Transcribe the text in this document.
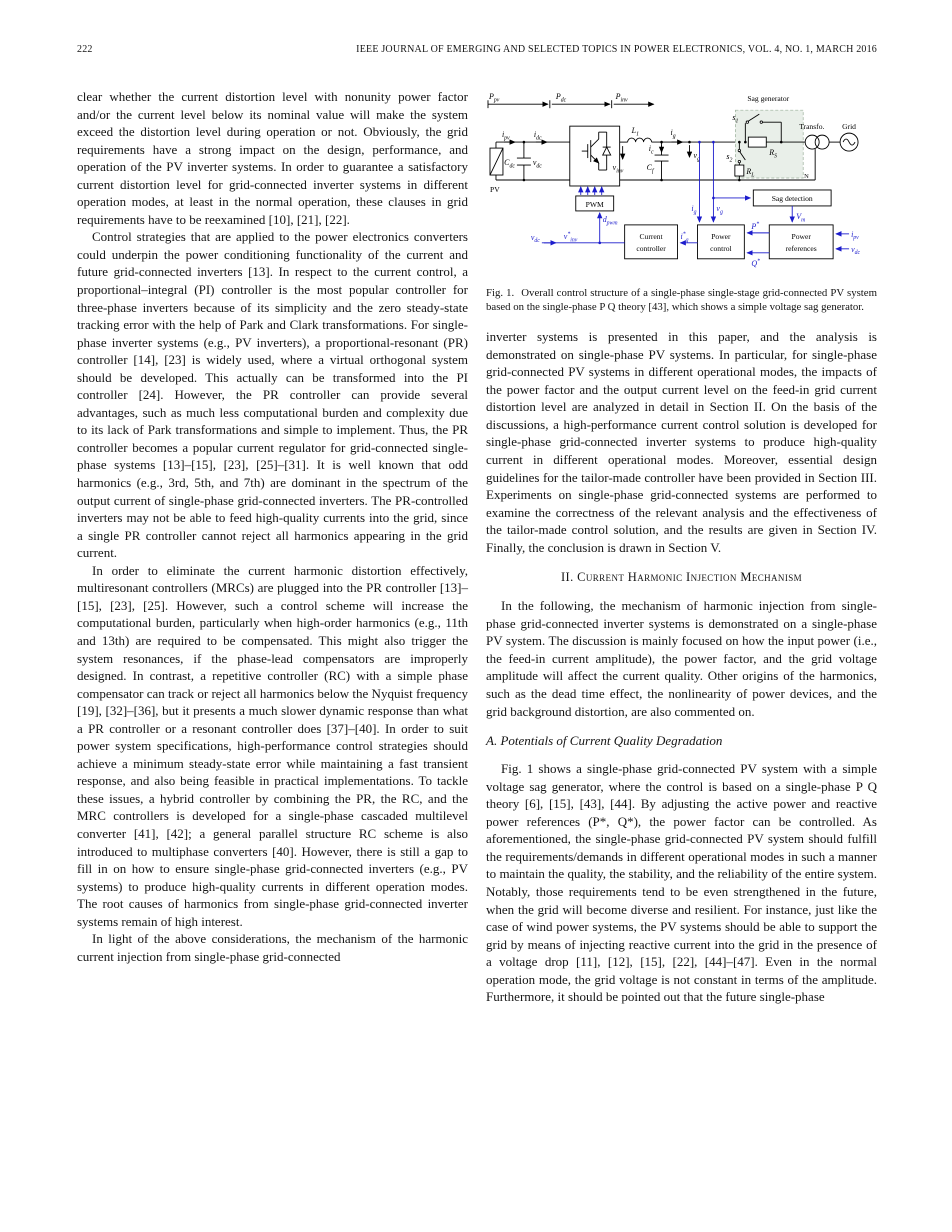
222	IEEE JOURNAL OF EMERGING AND SELECTED TOPICS IN POWER ELECTRONICS, VOL. 4, NO. 1, MARCH 2016

clear whether the current distortion level with nonunity power factor and/or the current level below its nominal value will make the system exceed the distortion level during operation or not. Obviously, the grid requirements have a strong impact on the design, performance, and operation of the PV inverter systems. In order to guarantee a satisfactory current distortion level for grid-connected inverter systems in different operation modes, at least in the normal operation, these clauses in grid requirements have to be reexamined [10], [21], [22].

Control strategies that are applied to the power electronics converters could underpin the power conditioning functionality of the current and future grid-connected inverters [13]. In respect to the current control, a proportional–integral (PI) controller is the most popular controller for three-phase inverters because of its simplicity and the zero steady-state tracking error with the help of Park and Clark transformations. For single-phase inverter systems (e.g., PV inverters), a proportional-resonant (PR) controller [14], [23] is widely used, where a virtual orthogonal system should be developed. This actually can be transformed into the PI controller [24]. However, the PR controller can provide several advantages, such as much less computational burden and complexity due to its lack of Park transformations and simple to implement. Thus, the PR controller becomes a popular current regulator for grid-connected single-phase systems [13]–[15], [23], [25]–[31]. It is well known that odd harmonics (e.g., 3rd, 5th, and 7th) are dominant in the spectrum of the output current of single-phase grid-connected inverters. The PR-controlled inverters may not be able to feed high-quality currents into the grid, since a single PR controller cannot reject all harmonics appearing in the grid current.

In order to eliminate the current harmonic distortion effectively, multiresonant controllers (MRCs) are plugged into the PR controller [13]–[15], [23], [25]. However, such a control scheme will increase the computational burden, particularly when high-order harmonics (e.g., 11th and 13th) are required to be compensated. This might also trigger the system resonances, if the phase-lead compensators are improperly designed. In contrast, a repetitive controller (RC) with a simple phase compensator can track or reject all harmonics below the Nyquist frequency [19], [32]–[36], but it presents a much slower dynamic response than what a PR controller or a resonant controller does [37]–[40]. In order to suit power system specifications, high-performance control strategies should achieve a minimum steady-state error while maintaining a fast transient response, and also being feasible in practical implementations. To tackle these issues, a hybrid controller by combining the PR, the RC, and the MRC controllers is developed for a single-phase cascaded multilevel converter [41], [42]; a general parallel structure RC scheme is also introduced to multiphase converters [40]. However, there is still a gap to fill in on how to ensure single-phase grid-connected inverters (e.g., PV systems) to produce high-quality currents in different operation modes. The root causes of harmonics from single-phase grid-connected inverter systems remain of high interest.

In light of the above considerations, the mechanism of the harmonic current injection from single-phase grid-connected

$P_{pv}$	$P_{dc}$	$P_{inv}$
PV
$i_{pv}$	$i_{dc}$
$C_{dc}$ $v_{dc}$
$L_1$
$v_{inv}$
$i_c$
$C_f$
$i_g$
$v_g$
Sag generator
$s_2$
$R_L$
$s_1$
$R_S$
Transfo. Grid
N
PWM
$d_{pwm}$
Current
controller
Power
control
Power
references
Sag detection
$i_g$ $v_g$	$V_m$
$i_{pv}$
$v_{dc}$
P*
Q*
$i^*_g$
$v_{dc}$
$v^*_{inv}$
Fig. 1. Overall control structure of a single-phase single-stage grid-connected PV system based on the single-phase P Q theory [43], which shows a simple voltage sag generator.

inverter systems is presented in this paper, and the analysis is demonstrated on single-phase PV systems. In particular, for single-phase grid-connected PV systems in different operational modes, the impacts of the power factor and the output current level on the feed-in grid current distortion level are analyzed in detail in Section II. On the basis of the discussions, a high-performance current control solution is developed for single-phase grid-connected inverter systems to produce high-quality current in different operational modes. Moreover, essential design guidelines for the tailor-made controller have been provided in Section III. Experiments on single-phase grid-connected systems are performed to examine the correctness of the relevant analysis and the effectiveness of the tailor-made control solution, and the results are given in Section IV. Finally, the conclusion is drawn in Section V.

II. Current Harmonic Injection Mechanism

In the following, the mechanism of harmonic injection from single-phase grid-connected inverter systems is demonstrated on a single-phase PV system. The discussion is mainly focused on how the input power (i.e., the feed-in current amplitude), the power factor, and the grid voltage amplitude will affect the current quality. Other origins of the harmonics, such as the dead time effect, the nonlinearity of power devices, and the grid background distortion, are also commented on.

A. Potentials of Current Quality Degradation

Fig. 1 shows a single-phase grid-connected PV system with a simple voltage sag generator, where the control is based on a single-phase P Q theory [6], [15], [43], [44]. By adjusting the active power and reactive power references (P*, Q*), the power factor can be controlled. As aforementioned, the single-phase grid-connected PV system should fulfill the requirements/demands in different operational modes in such a manner to maintain the quality, the stability, and the reliability of the entire system. Notably, those requirements tend to be even strengthened in the future, when the grid will become diverse and resilient. For instance, just like the case of wind power systems, the PV systems should be able to support the grid by means of injecting reactive current into the grid in the presence of a voltage drop [11], [12], [15], [22], [44]–[47]. Even in the normal operation mode, the grid voltage is not constant in terms of the amplitude. Furthermore, it should be pointed out that the future single-phase
